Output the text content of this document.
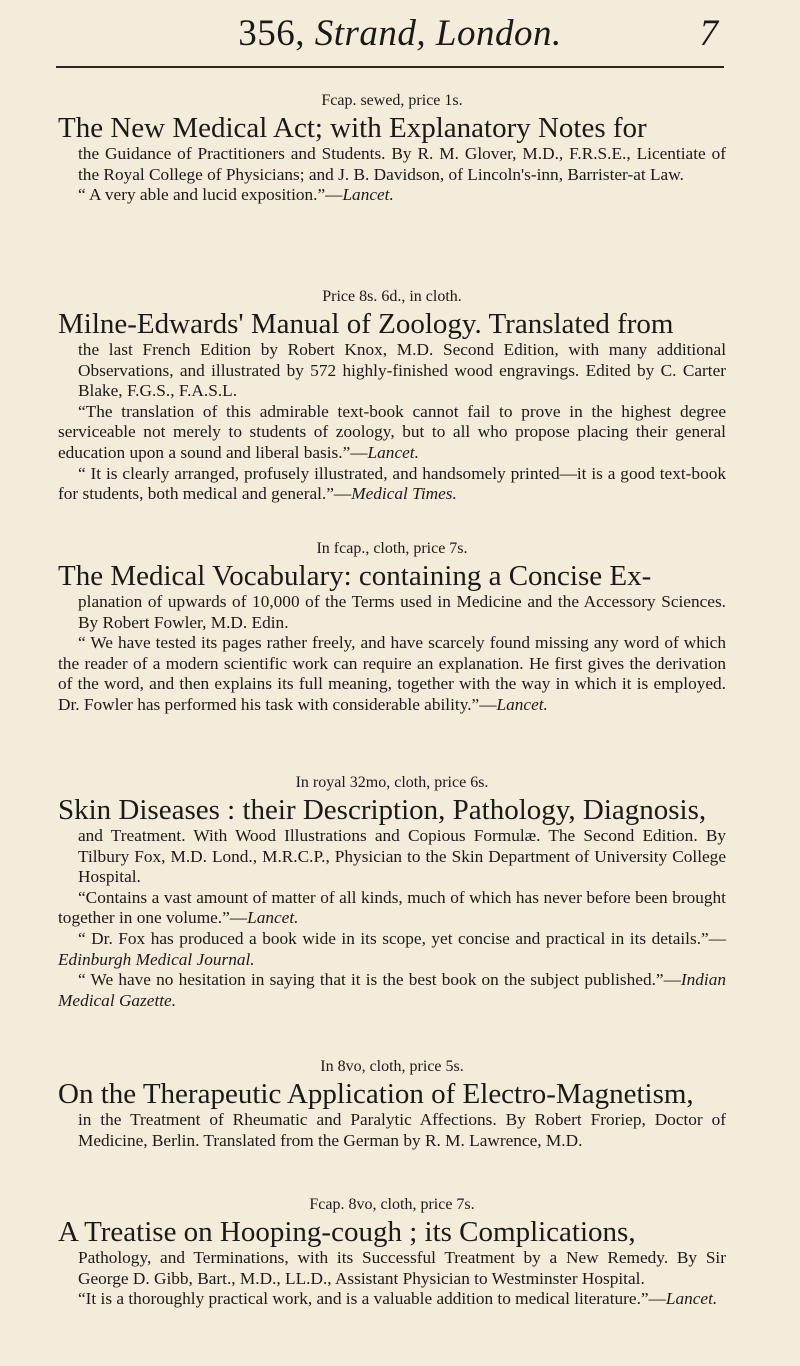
356, Strand, London.	7
Fcap. sewed, price 1s.

The New Medical Act; with Explanatory Notes for

the Guidance of Practitioners and Students. By R. M. Glover, M.D., F.R.S.E., Licentiate of the Royal College of Physicians; and J. B. Davidson, of Lincoln's-inn, Barrister-at Law.

“ A very able and lucid exposition.”—Lancet.

Price 8s. 6d., in cloth.

Milne-Edwards' Manual of Zoology. Translated from

the last French Edition by Robert Knox, M.D. Second Edition, with many additional Observations, and illustrated by 572 highly-finished wood engravings. Edited by C. Carter Blake, F.G.S., F.A.S.L.

“The translation of this admirable text-book cannot fail to prove in the highest degree serviceable not merely to students of zoology, but to all who propose placing their general education upon a sound and liberal basis.”—Lancet.

“ It is clearly arranged, profusely illustrated, and handsomely printed—it is a good text-book for students, both medical and general.”—Medical Times.

In fcap., cloth, price 7s.

The Medical Vocabulary: containing a Concise Ex-

planation of upwards of 10,000 of the Terms used in Medicine and the Accessory Sciences. By Robert Fowler, M.D. Edin.

“ We have tested its pages rather freely, and have scarcely found missing any word of which the reader of a modern scientific work can require an explanation. He first gives the derivation of the word, and then explains its full meaning, together with the way in which it is employed. Dr. Fowler has performed his task with considerable ability.”—Lancet.

In royal 32mo, cloth, price 6s.

Skin Diseases : their Description, Pathology, Diagnosis,

and Treatment. With Wood Illustrations and Copious Formulæ. The Second Edition. By Tilbury Fox, M.D. Lond., M.R.C.P., Physician to the Skin Department of University College Hospital.

“Contains a vast amount of matter of all kinds, much of which has never before been brought together in one volume.”—Lancet.

“ Dr. Fox has produced a book wide in its scope, yet concise and practical in its details.”—Edinburgh Medical Journal.

“ We have no hesitation in saying that it is the best book on the subject published.”—Indian Medical Gazette.

In 8vo, cloth, price 5s.

On the Therapeutic Application of Electro-Magnetism,

in the Treatment of Rheumatic and Paralytic Affections. By Robert Froriep, Doctor of Medicine, Berlin. Translated from the German by R. M. Lawrence, M.D.

Fcap. 8vo, cloth, price 7s.

A Treatise on Hooping-cough ; its Complications,

Pathology, and Terminations, with its Successful Treatment by a New Remedy. By Sir George D. Gibb, Bart., M.D., LL.D., Assistant Physician to Westminster Hospital.

“It is a thoroughly practical work, and is a valuable addition to medical literature.”—Lancet.
